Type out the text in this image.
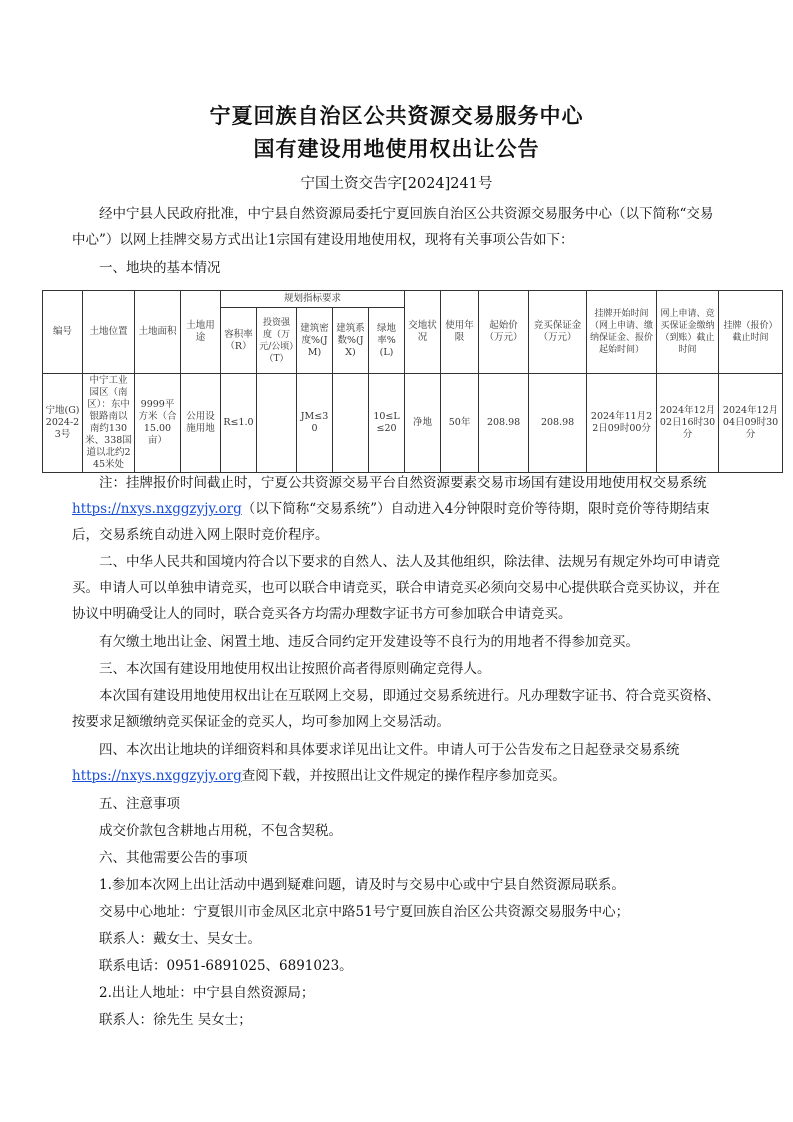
宁夏回族自治区公共资源交易服务中心
国有建设用地使用权出让公告
宁国土资交告字[2024]241号

经中宁县人民政府批准，中宁县自然资源局委托宁夏回族自治区公共资源交易服务中心（以下简称“交易中心”）以网上挂牌交易方式出让1宗国有建设用地使用权，现将有关事项公告如下：

一、地块的基本情况

编号	土地位置	土地面积	土地用途	规划指标要求					交地状况	使用年限	起始价（万元）	竞买保证金（万元）	挂牌开始时间（网上申请、缴纳保证金、报价起始时间）	网上申请、竞买保证金缴纳（到账）截止时间	挂牌（报价）截止时间
				容积率（R）	投资强度（万元/公顷）（T）	建筑密度%(JM)	建筑系数%(JX)	绿地率%(L)							
宁地(G)2024-23号	中宁工业园区（南区）：东中银路南以南约130米、338国道以北约245米处	9999平方米（合15.00亩）	公用设施用地	R≤1.0		JM≤30		10≤L≤20	净地	50年	208.98	208.98	2024年11月22日09时00分	2024年12月02日16时30分	2024年12月04日09时30分

注：挂牌报价时间截止时，宁夏公共资源交易平台自然资源要素交易市场国有建设用地使用权交易系统https://nxys.nxggzyjy.org（以下简称“交易系统”）自动进入4分钟限时竞价等待期，限时竞价等待期结束后，交易系统自动进入网上限时竞价程序。

二、中华人民共和国境内符合以下要求的自然人、法人及其他组织，除法律、法规另有规定外均可申请竞买。申请人可以单独申请竞买，也可以联合申请竞买，联合申请竞买必须向交易中心提供联合竞买协议，并在协议中明确受让人的同时，联合竞买各方均需办理数字证书方可参加联合申请竞买。

有欠缴土地出让金、闲置土地、违反合同约定开发建设等不良行为的用地者不得参加竞买。

三、本次国有建设用地使用权出让按照价高者得原则确定竞得人。

本次国有建设用地使用权出让在互联网上交易，即通过交易系统进行。凡办理数字证书、符合竞买资格、按要求足额缴纳竞买保证金的竞买人，均可参加网上交易活动。

四、本次出让地块的详细资料和具体要求详见出让文件。申请人可于公告发布之日起登录交易系统https://nxys.nxggzyjy.org查阅下载，并按照出让文件规定的操作程序参加竞买。

五、注意事项

成交价款包含耕地占用税，不包含契税。

六、其他需要公告的事项

1.参加本次网上出让活动中遇到疑难问题，请及时与交易中心或中宁县自然资源局联系。

交易中心地址：宁夏银川市金凤区北京中路51号宁夏回族自治区公共资源交易服务中心；

联系人：戴女士、吴女士。

联系电话：0951-6891025、6891023。

2.出让人地址：中宁县自然资源局；

联系人：徐先生 吴女士；
